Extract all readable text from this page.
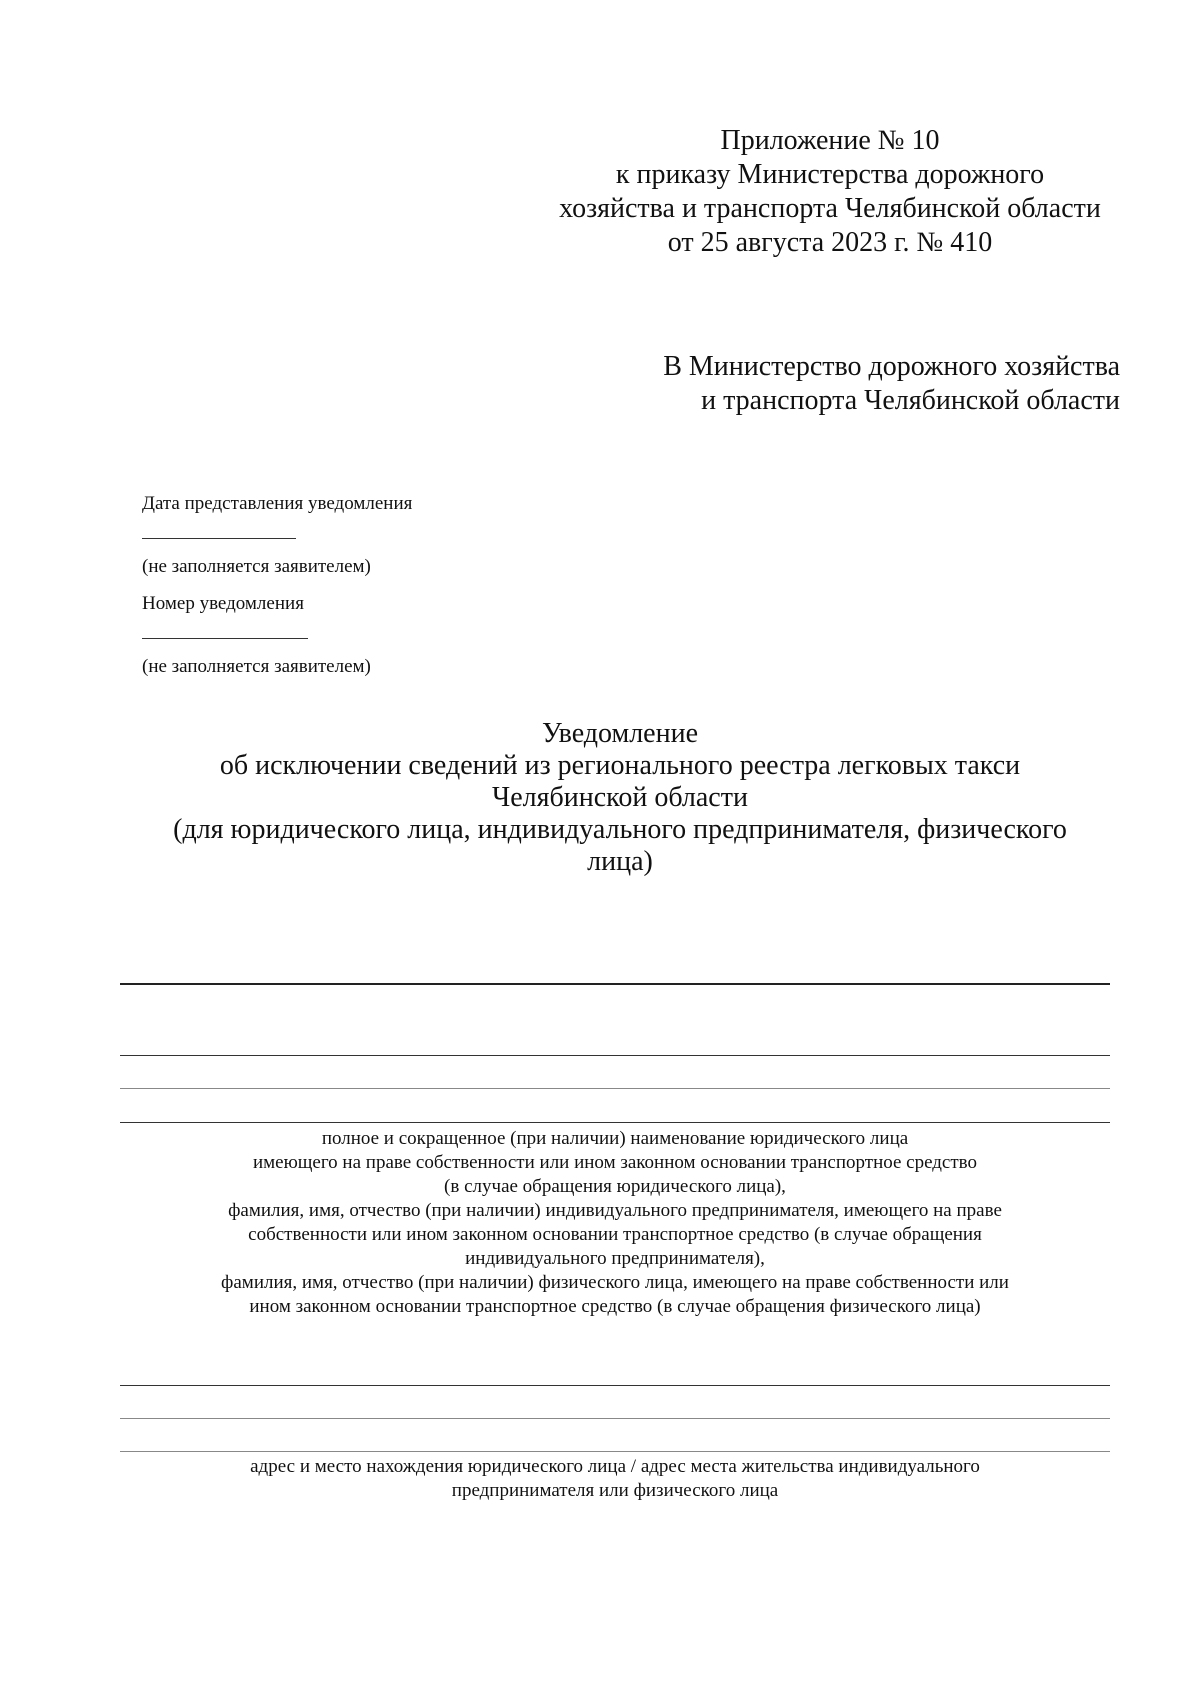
Приложение № 10
к приказу Министерства дорожного
хозяйства и транспорта Челябинской области
от 25 августа 2023 г. № 410
В Министерство дорожного хозяйства
и транспорта Челябинской области
Дата представления уведомления
(не заполняется заявителем)
Номер уведомления
(не заполняется заявителем)
Уведомление
об исключении сведений из регионального реестра легковых такси
Челябинской области
(для юридического лица, индивидуального предпринимателя, физического
лица)
полное и сокращенное (при наличии) наименование юридического лица
имеющего на праве собственности или ином законном основании транспортное средство
(в случае обращения юридического лица),
фамилия, имя, отчество (при наличии) индивидуального предпринимателя, имеющего на праве
собственности или ином законном основании транспортное средство (в случае обращения
индивидуального предпринимателя),
фамилия, имя, отчество (при наличии) физического лица, имеющего на праве собственности или
ином законном основании транспортное средство (в случае обращения физического лица)
адрес и место нахождения юридического лица / адрес места жительства индивидуального
предпринимателя или физического лица
